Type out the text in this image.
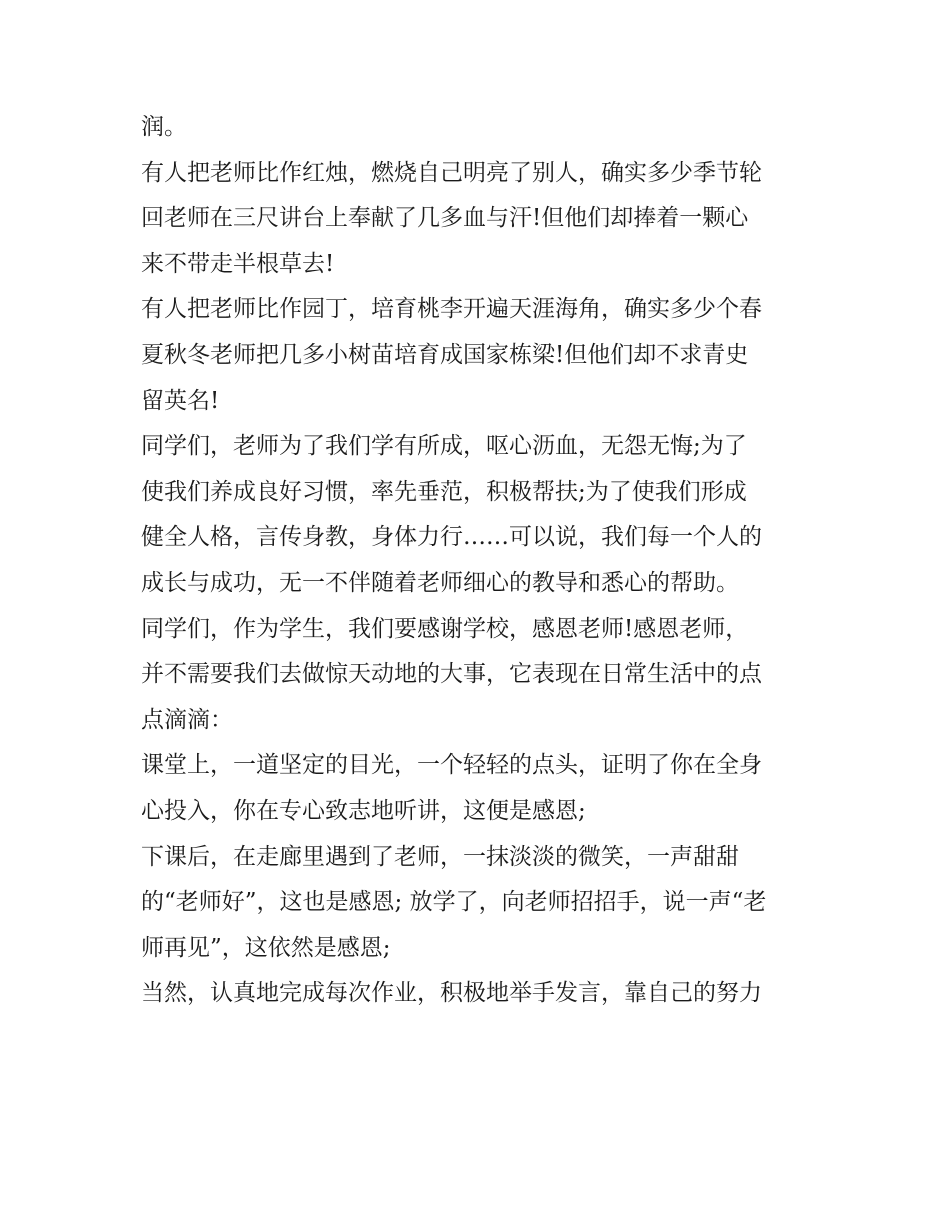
润。
有人把老师比作红烛，燃烧自己明亮了别人，确实多少季节轮
回老师在三尺讲台上奉献了几多血与汗!但他们却捧着一颗心
来不带走半根草去!
有人把老师比作园丁，培育桃李开遍天涯海角，确实多少个春
夏秋冬老师把几多小树苗培育成国家栋梁!但他们却不求青史
留英名!
同学们，老师为了我们学有所成，呕心沥血，无怨无悔;为了
使我们养成良好习惯，率先垂范，积极帮扶;为了使我们形成
健全人格，言传身教，身体力行……可以说，我们每一个人的
成长与成功，无一不伴随着老师细心的教导和悉心的帮助。
同学们，作为学生，我们要感谢学校，感恩老师!感恩老师，
并不需要我们去做惊天动地的大事，它表现在日常生活中的点
点滴滴：
课堂上，一道坚定的目光，一个轻轻的点头，证明了你在全身
心投入，你在专心致志地听讲，这便是感恩;
下课后，在走廊里遇到了老师，一抹淡淡的微笑，一声甜甜
的“老师好”，这也是感恩; 放学了，向老师招招手，说一声“老
师再见”，这依然是感恩;
当然，认真地完成每次作业，积极地举手发言，靠自己的努力
